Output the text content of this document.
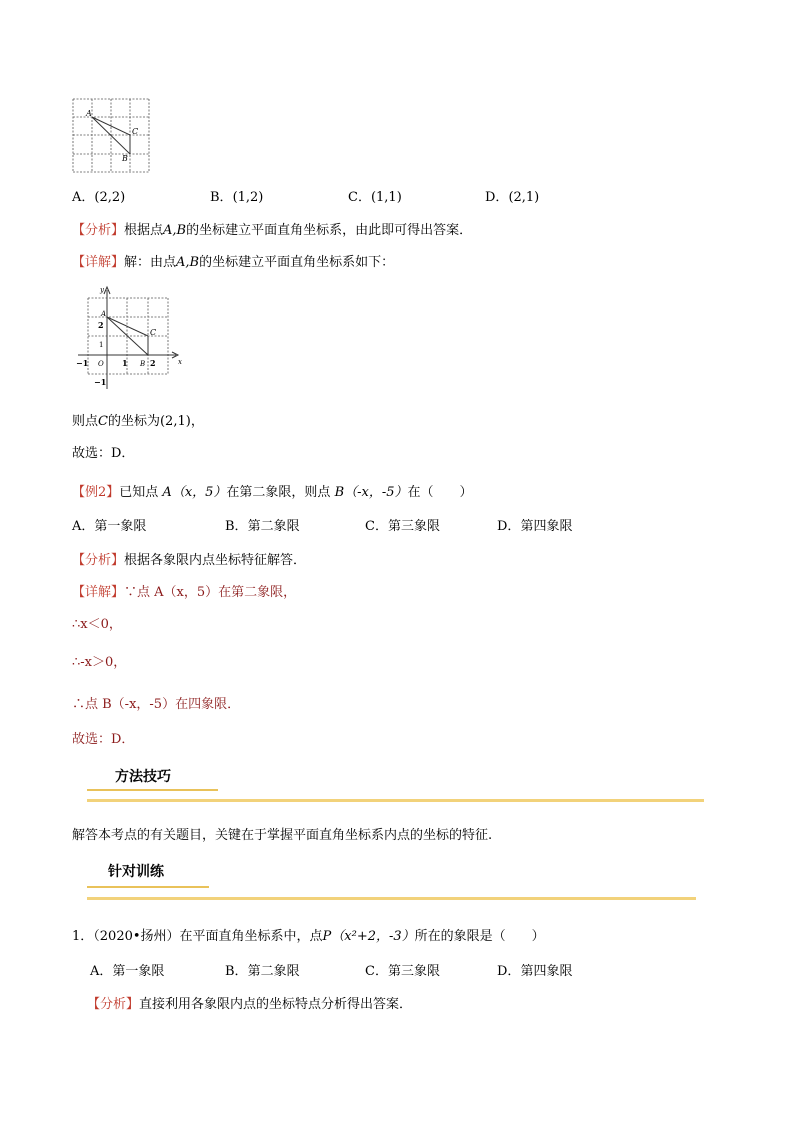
A
C
B
A．(2,2)	B．(1,2)	C．(1,1)	D．(2,1)
【分析】根据点A,B的坐标建立平面直角坐标系，由此即可得出答案．
【详解】解：由点A,B的坐标建立平面直角坐标系如下：
y
x
A
C
B
O
2
1
−1
−1	1	2
则点C的坐标为(2,1)，
故选：D．
【例2】已知点 A（x，5）在第二象限，则点 B（-x，-5）在（　　）
A．第一象限	B．第二象限	C．第三象限	D．第四象限
【分析】根据各象限内点坐标特征解答．
【详解】∵点 A（x，5）在第二象限，
∴x＜0，
∴-x＞0，
∴点 B（-x，-5）在四象限．
故选：D．
方法技巧
解答本考点的有关题目，关键在于掌握平面直角坐标系内点的坐标的特征.
针对训练
1．（2020•扬州）在平面直角坐标系中，点P（x²+2，-3）所在的象限是（　　）
A．第一象限	B．第二象限	C．第三象限	D．第四象限
【分析】直接利用各象限内点的坐标特点分析得出答案．
